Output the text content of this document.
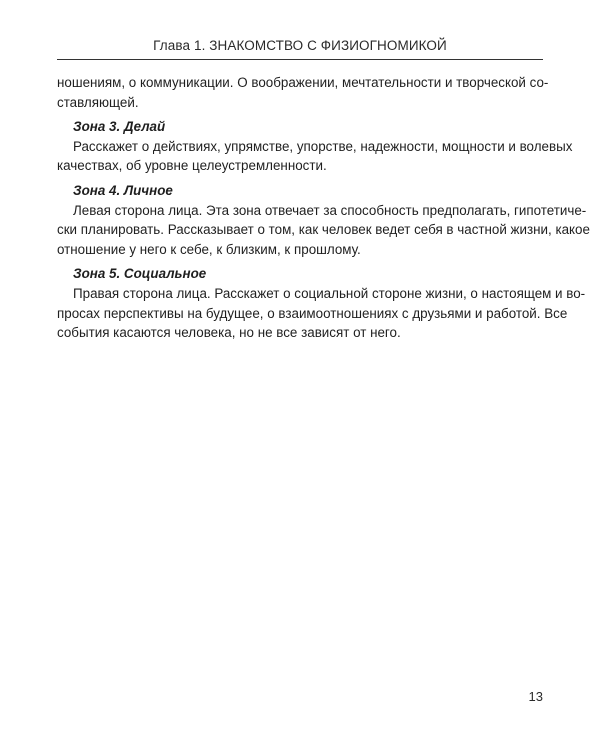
Глава 1. ЗНАКОМСТВО С ФИЗИОГНОМИКОЙ
ношениям, о коммуникации. О воображении, мечтательности и творческой со-
ставляющей.
Зона 3. Делай
Расскажет о действиях, упрямстве, упорстве, надежности, мощности и волевых
качествах, об уровне целеустремленности.
Зона 4. Личное
Левая сторона лица. Эта зона отвечает за способность предполагать, гипотетиче-
ски планировать. Рассказывает о том, как человек ведет себя в частной жизни, какое
отношение у него к себе, к близким, к прошлому.
Зона 5. Социальное
Правая сторона лица. Расскажет о социальной стороне жизни, о настоящем и во-
просах перспективы на будущее, о взаимоотношениях с друзьями и работой. Все
события касаются человека, но не все зависят от него.
13
